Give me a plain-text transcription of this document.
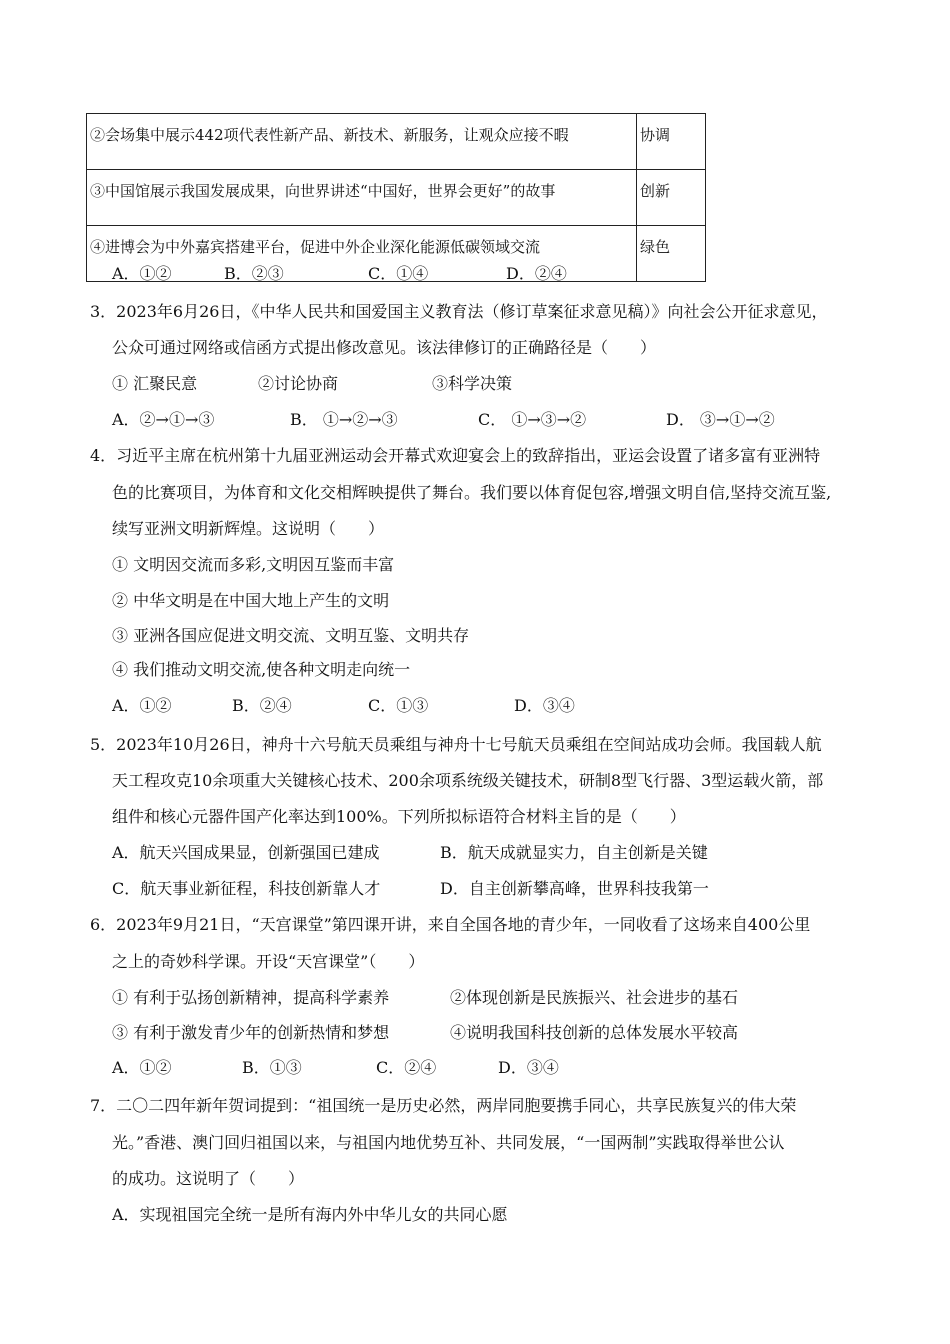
②会场集中展示442项代表性新产品、新技术、新服务，让观众应接不暇	协调
③中国馆展示我国发展成果，向世界讲述“中国好，世界会更好”的故事	创新
④进博会为中外嘉宾搭建平台，促进中外企业深化能源低碳领域交流	绿色
A．①②	B．②③	C．①④	D．②④
3．2023年6月26日，《中华人民共和国爱国主义教育法（修订草案征求意见稿）》向社会公开征求意见，
公众可通过网络或信函方式提出修改意见。该法律修订的正确路径是（　　）
① 汇聚民意	②讨论协商	③科学决策
A．②→①→③	B． ①→②→③	C． ①→③→②	D． ③→①→②
4．习近平主席在杭州第十九届亚洲运动会开幕式欢迎宴会上的致辞指出，亚运会设置了诸多富有亚洲特
色的比赛项目，为体育和文化交相辉映提供了舞台。我们要以体育促包容,增强文明自信,坚持交流互鉴,
续写亚洲文明新辉煌。这说明（　　）
① 文明因交流而多彩,文明因互鉴而丰富
② 中华文明是在中国大地上产生的文明
③ 亚洲各国应促进文明交流、文明互鉴、文明共存
④ 我们推动文明交流,使各种文明走向统一
A．①②	B．②④	C．①③	D．③④
5．2023年10月26日，神舟十六号航天员乘组与神舟十七号航天员乘组在空间站成功会师。我国载人航
天工程攻克10余项重大关键核心技术、200余项系统级关键技术，研制8型飞行器、3型运载火箭，部
组件和核心元器件国产化率达到100%。下列所拟标语符合材料主旨的是（　　）
A．航天兴国成果显，创新强国已建成	B．航天成就显实力，自主创新是关键
C．航天事业新征程，科技创新靠人才	D．自主创新攀高峰，世界科技我第一
6．2023年9月21日，“天宫课堂”第四课开讲，来自全国各地的青少年，一同收看了这场来自400公里
之上的奇妙科学课。开设“天宫课堂”（　　）
① 有利于弘扬创新精神，提高科学素养	②体现创新是民族振兴、社会进步的基石
③ 有利于激发青少年的创新热情和梦想	④说明我国科技创新的总体发展水平较高
A．①②	B．①③	C．②④	D．③④
7．二〇二四年新年贺词提到：“祖国统一是历史必然，两岸同胞要携手同心，共享民族复兴的伟大荣
光。”香港、澳门回归祖国以来，与祖国内地优势互补、共同发展，“一国两制”实践取得举世公认
的成功。这说明了（　　）
A．实现祖国完全统一是所有海内外中华儿女的共同心愿
